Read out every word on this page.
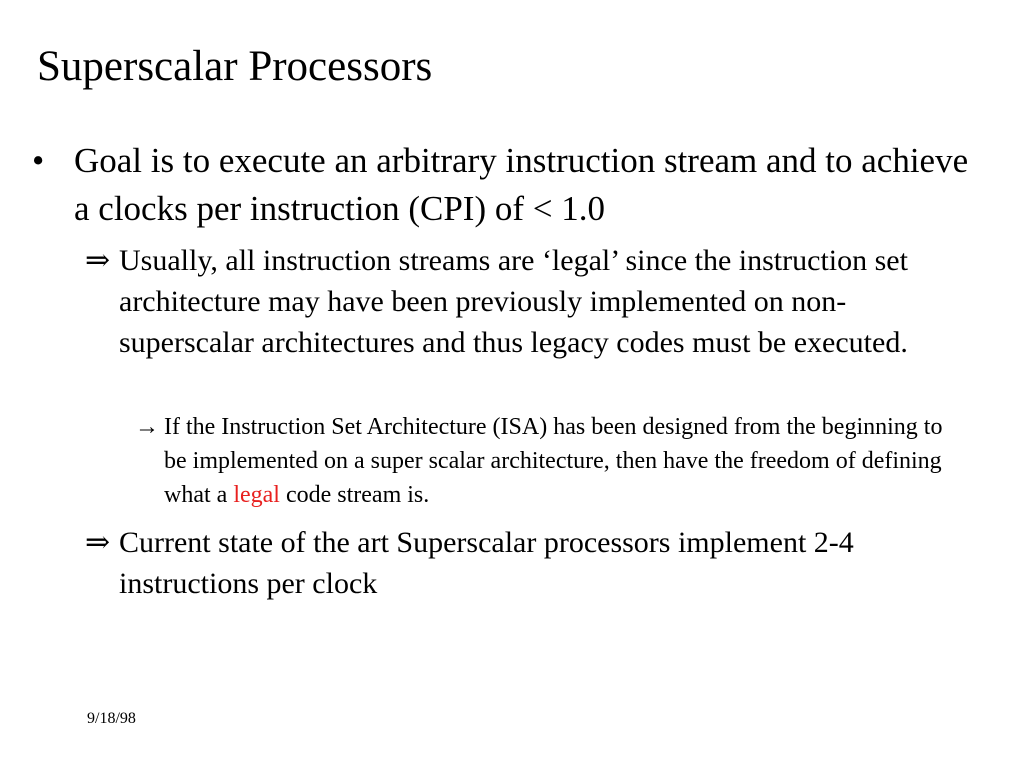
Superscalar Processors
• Goal is to execute an arbitrary instruction stream and to achieve a clocks per instruction (CPI) of < 1.0
⇒ Usually, all instruction streams are ‘legal’ since the instruction set architecture may have been previously implemented on non-superscalar architectures and thus legacy codes must be executed.
→ If the Instruction Set Architecture (ISA) has been designed from the beginning to be implemented on a super scalar architecture, then have the freedom of defining what a legal code stream is.
⇒ Current state of the art Superscalar processors implement 2-4 instructions per clock
9/18/98
